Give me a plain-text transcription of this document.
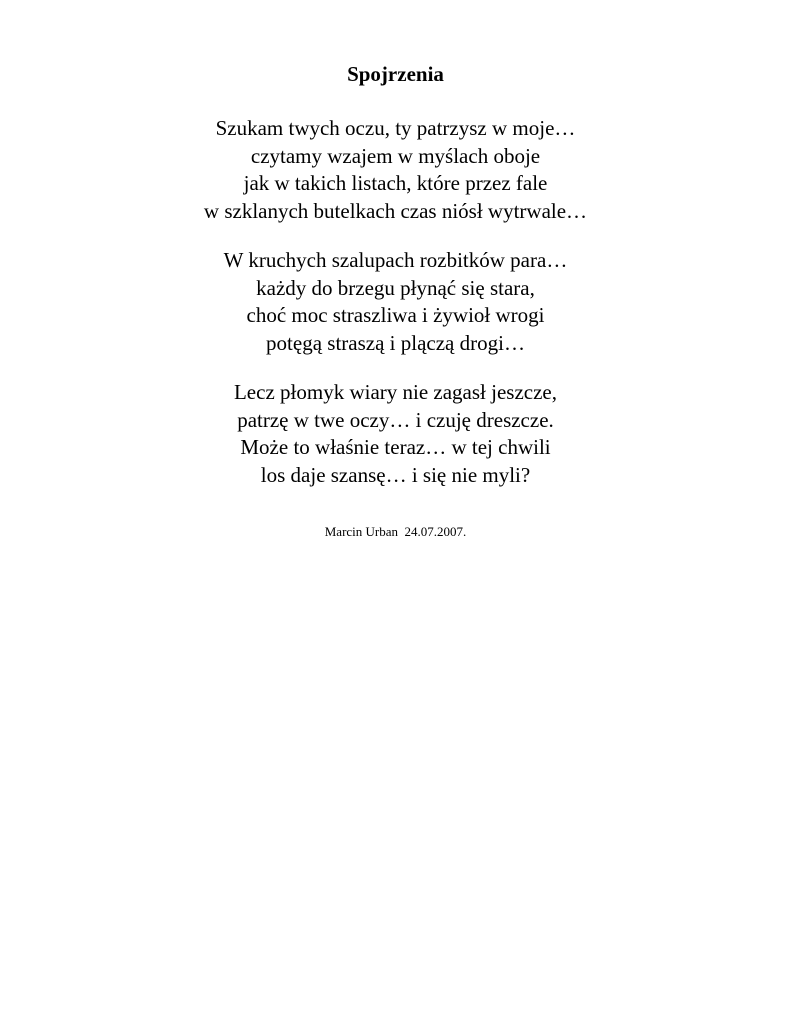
Spojrzenia
Szukam twych oczu, ty patrzysz w moje…
czytamy wzajem w myślach oboje
jak w takich listach, które przez fale
w szklanych butelkach czas niósł wytrwale…
W kruchych szalupach rozbitków para…
każdy do brzegu płynąć się stara,
choć moc straszliwa i żywioł wrogi
potęgą straszą i plączą drogi…
Lecz płomyk wiary nie zagasł jeszcze,
patrzę w twe oczy… i czuję dreszcze.
Może to właśnie teraz… w tej chwili
los daje szansę… i się nie myli?
Marcin Urban  24.07.2007.
